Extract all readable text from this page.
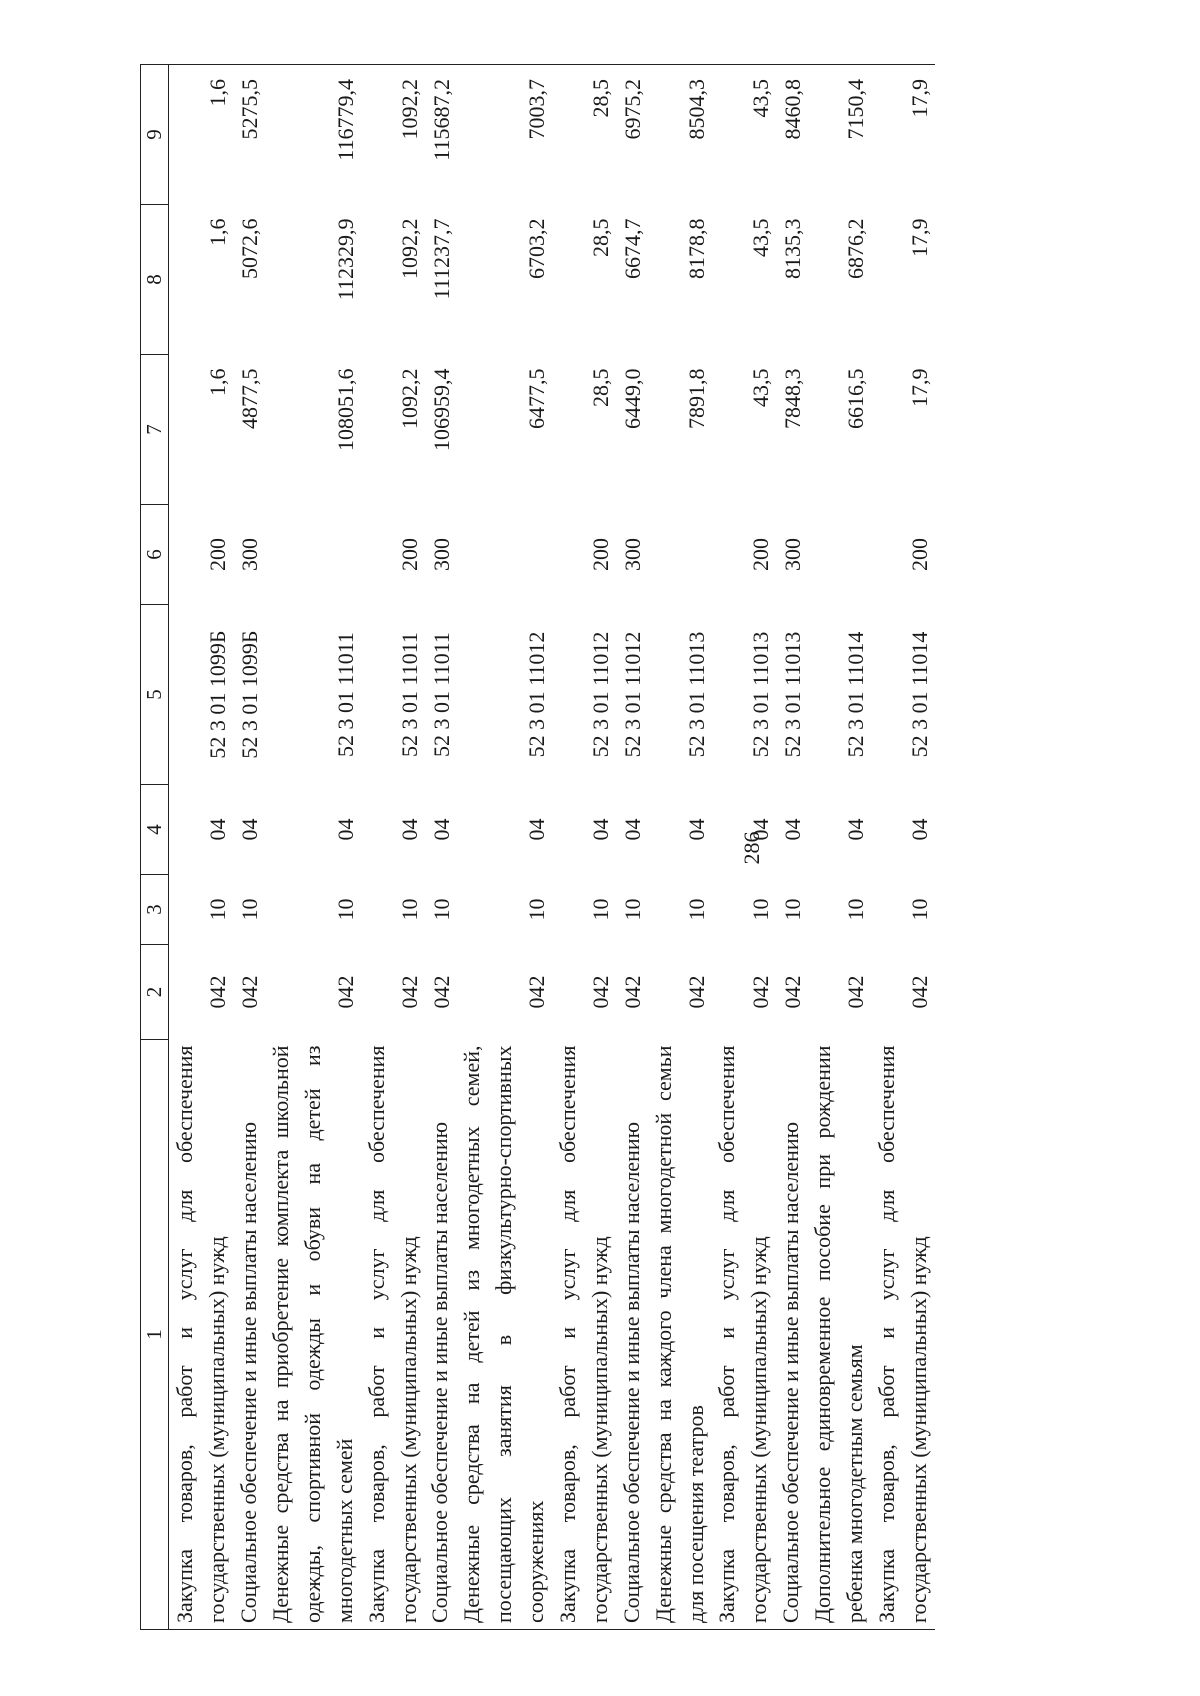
286
1	2	3	4	5	6	7	8	9
Закупка товаров, работ и услуг для обеспечения государственных (муниципальных) нужд	042	10	04	52 3 01 1099Б	200	1,6	1,6	1,6
Социальное обеспечение и иные выплаты населению	042	10	04	52 3 01 1099Б	300	4877,5	5072,6	5275,5
Денежные средства на приобретение комплекта школьной одежды, спортивной одежды и обуви на детей из многодетных семей	042	10	04	52 3 01 11011		108051,6	112329,9	116779,4
Закупка товаров, работ и услуг для обеспечения государственных (муниципальных) нужд	042	10	04	52 3 01 11011	200	1092,2	1092,2	1092,2
Социальное обеспечение и иные выплаты населению	042	10	04	52 3 01 11011	300	106959,4	111237,7	115687,2
Денежные средства на детей из многодетных семей, посещающих занятия в физкультурно-спортивных сооружениях	042	10	04	52 3 01 11012		6477,5	6703,2	7003,7
Закупка товаров, работ и услуг для обеспечения государственных (муниципальных) нужд	042	10	04	52 3 01 11012	200	28,5	28,5	28,5
Социальное обеспечение и иные выплаты населению	042	10	04	52 3 01 11012	300	6449,0	6674,7	6975,2
Денежные средства на каждого члена многодетной семьи для посещения театров	042	10	04	52 3 01 11013		7891,8	8178,8	8504,3
Закупка товаров, работ и услуг для обеспечения государственных (муниципальных) нужд	042	10	04	52 3 01 11013	200	43,5	43,5	43,5
Социальное обеспечение и иные выплаты населению	042	10	04	52 3 01 11013	300	7848,3	8135,3	8460,8
Дополнительное единовременное пособие при рождении ребенка многодетным семьям	042	10	04	52 3 01 11014		6616,5	6876,2	7150,4
Закупка товаров, работ и услуг для обеспечения государственных (муниципальных) нужд	042	10	04	52 3 01 11014	200	17,9	17,9	17,9
